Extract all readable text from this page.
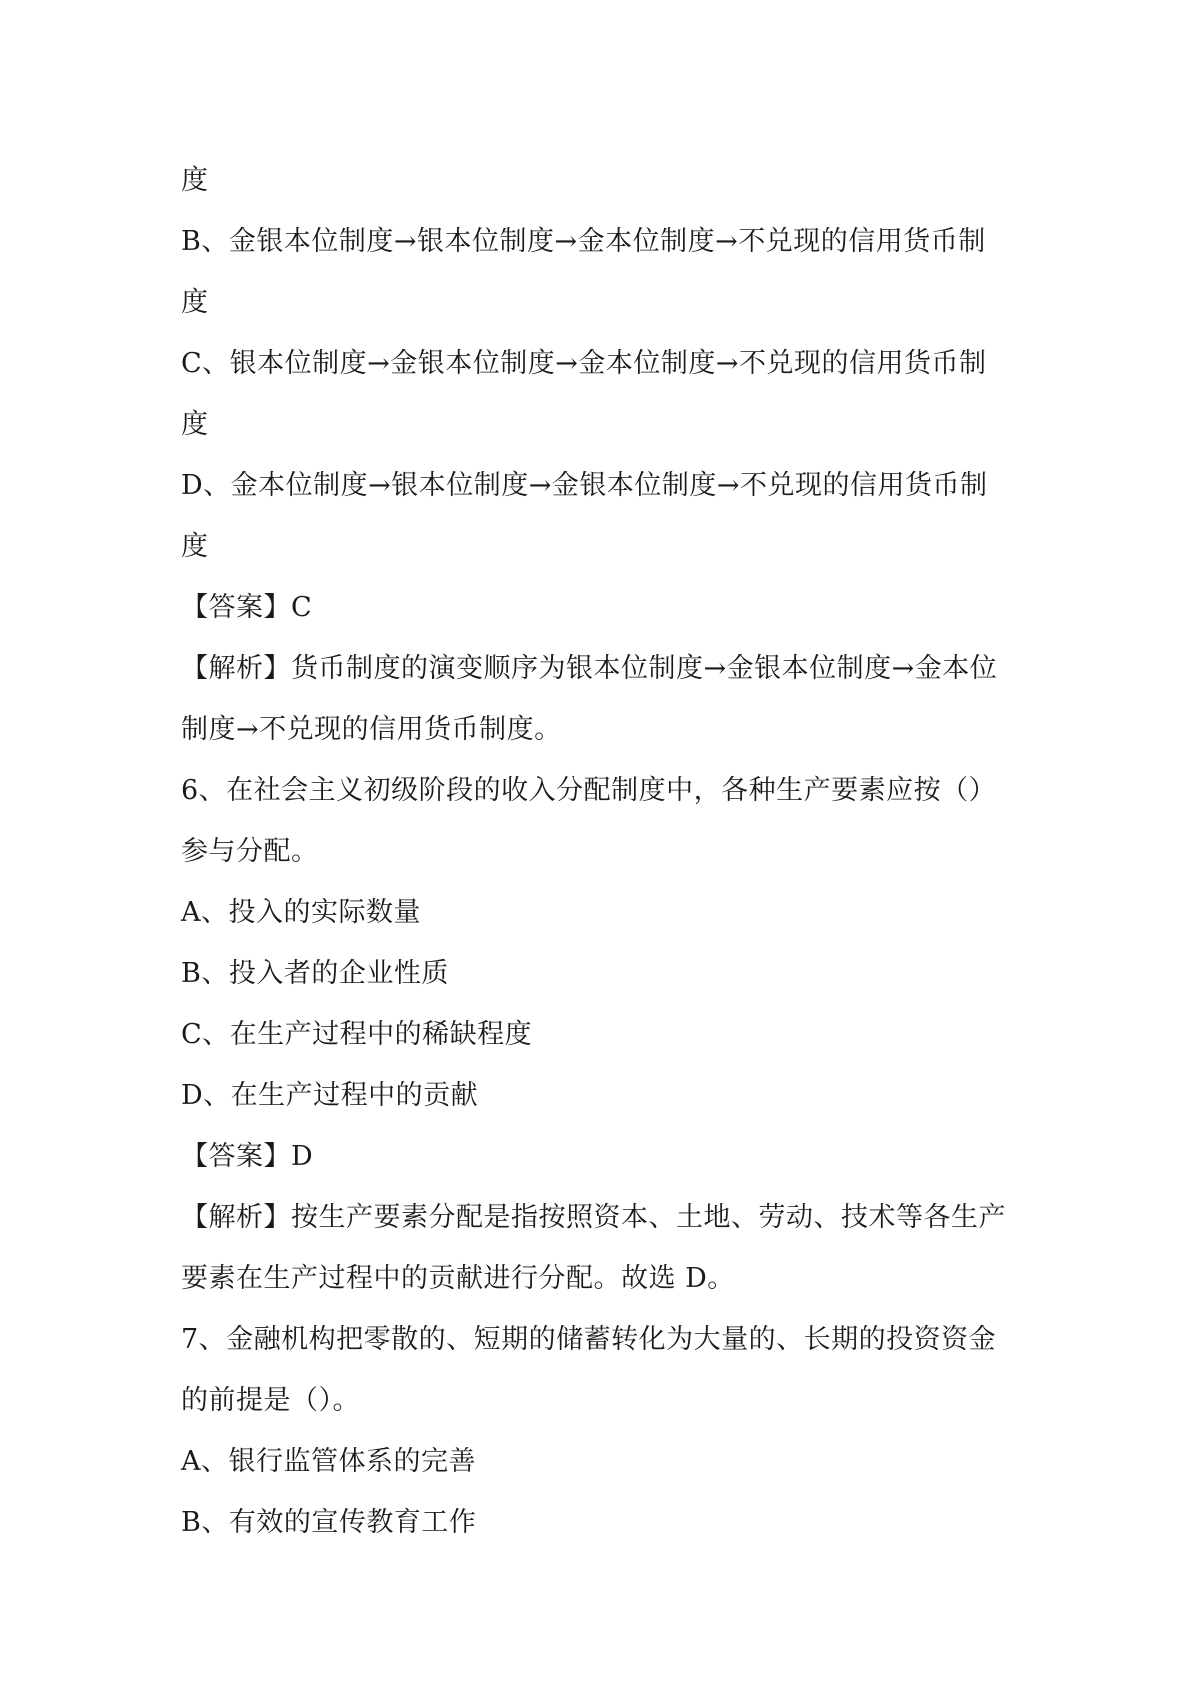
度
B、金银本位制度→银本位制度→金本位制度→不兑现的信用货币制
度
C、银本位制度→金银本位制度→金本位制度→不兑现的信用货币制
度
D、金本位制度→银本位制度→金银本位制度→不兑现的信用货币制
度
【答案】C
【解析】货币制度的演变顺序为银本位制度→金银本位制度→金本位
制度→不兑现的信用货币制度。
6、在社会主义初级阶段的收入分配制度中，各种生产要素应按（）
参与分配。
A、投入的实际数量
B、投入者的企业性质
C、在生产过程中的稀缺程度
D、在生产过程中的贡献
【答案】D
【解析】按生产要素分配是指按照资本、土地、劳动、技术等各生产
要素在生产过程中的贡献进行分配。故选 D。
7、金融机构把零散的、短期的储蓄转化为大量的、长期的投资资金
的前提是（）。
A、银行监管体系的完善
B、有效的宣传教育工作
